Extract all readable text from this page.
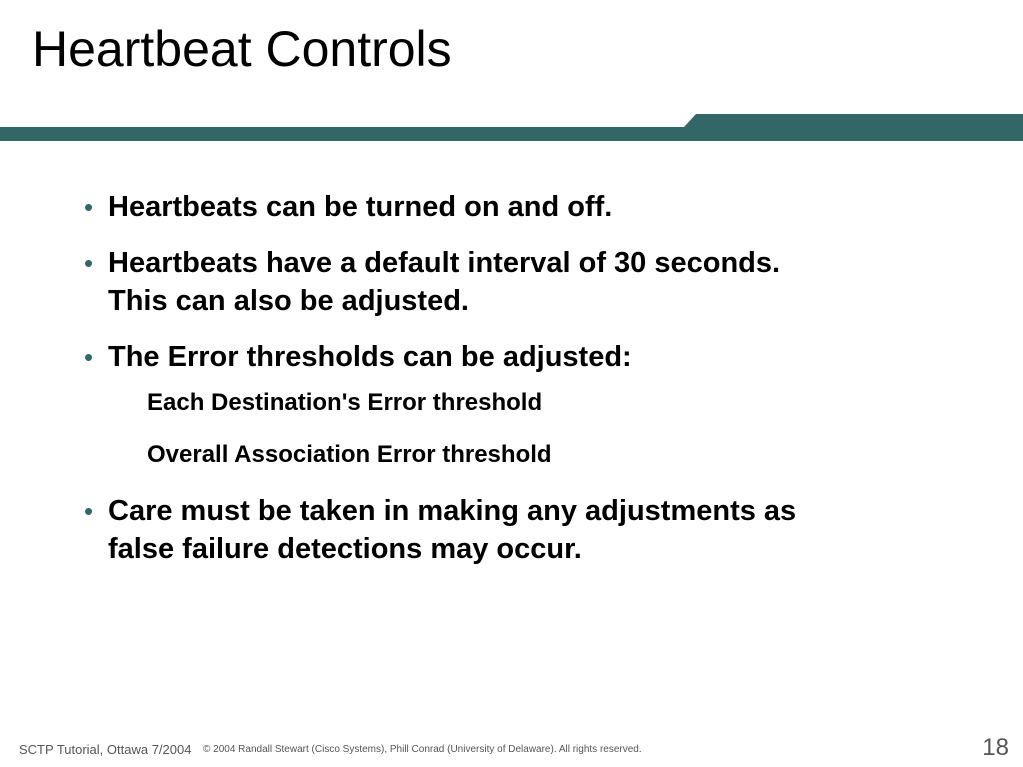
Heartbeat Controls
• Heartbeats can be turned on and off.
• Heartbeats have a default interval of 30 seconds.
This can also be adjusted.
• The Error thresholds can be adjusted:
Each Destination's Error threshold
Overall Association Error threshold
• Care must be taken in making any adjustments as
false failure detections may occur.
SCTP Tutorial, Ottawa 7/2004 © 2004 Randall Stewart (Cisco Systems), Phill Conrad (University of Delaware). All rights reserved.	18
